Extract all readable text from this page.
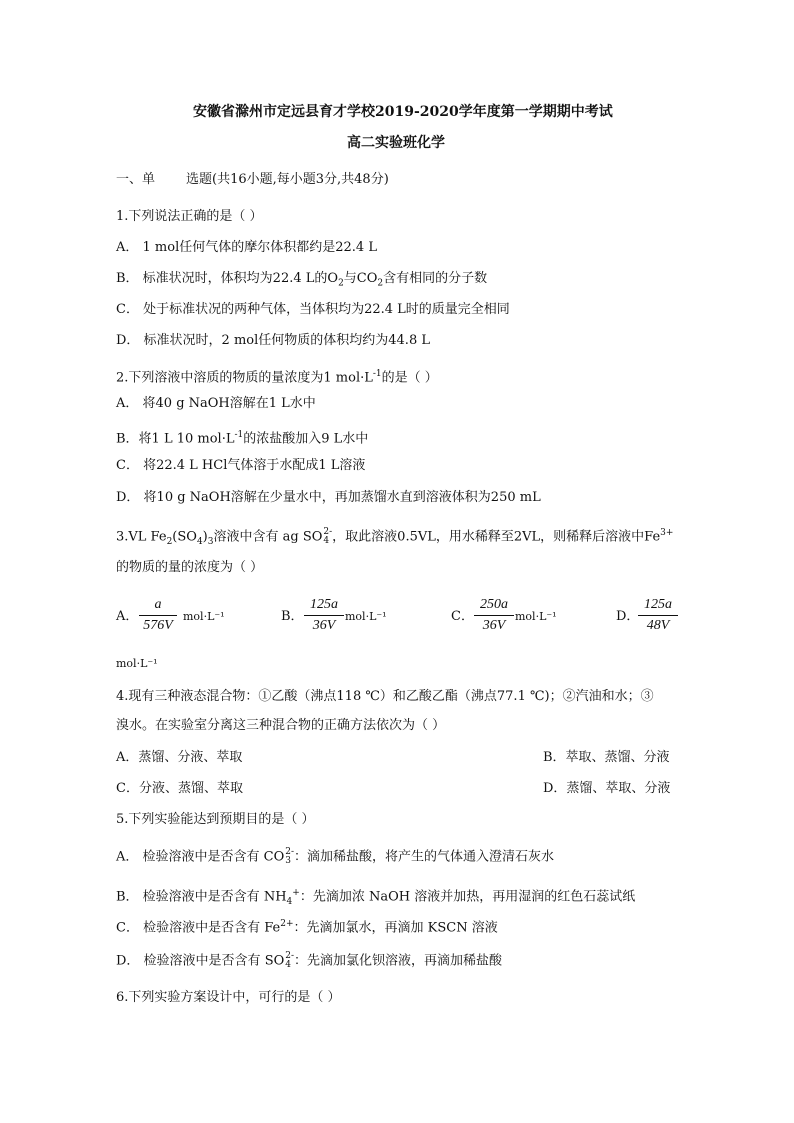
安徽省滁州市定远县育才学校2019-2020学年度第一学期期中考试
高二实验班化学
一、单 选题(共16小题,每小题3分,共48分)
1.下列说法正确的是（ ）
A． 1 mol任何气体的摩尔体积都约是22.4 L
B． 标准状况时，体积均为22.4 L的$O_2$与$CO_2$含有相同的分子数
C． 处于标准状况的两种气体，当体积均为22.4 L时的质量完全相同
D． 标准状况时，2 mol任何物质的体积均约为44.8 L
2.下列溶液中溶质的物质的量浓度为1 $mol\cdot L^{-1}$的是（ ）
A． 将40 g NaOH溶解在1 L水中
B．将1 L 10 $mol\cdot L^{-1}$的浓盐酸加入9 L水中
C． 将22.4 L HCl气体溶于水配成1 L溶液
D． 将10 g NaOH溶解在少量水中，再加蒸馏水直到溶液体积为250 mL
3.VL $Fe_2(SO_4)_3$溶液中含有 ag SO 2-
4 ，取此溶液0.5VL，用水稀释至2VL，则稀释后溶液中$Fe^{3+}$
的物质的量的浓度为（ ）
A．
a
576V
mol·L⁻¹	B．
125a
36V
mol·L⁻¹	C．
250a
36V
mol·L⁻¹	D．
125a
48V
mol·L⁻¹
4.现有三种液态混合物：①乙酸（沸点118 ℃）和乙酸乙酯（沸点77.1 ℃)；②汽油和水；③
溴水。在实验室分离这三种混合物的正确方法依次为（ ）
A．蒸馏、分液、萃取	B．萃取、蒸馏、分液
C．分液、蒸馏、萃取	D．蒸馏、萃取、分液
5.下列实验能达到预期目的是（ ）
A． 检验溶液中是否含有 CO 2-
3 ：滴加稀盐酸，将产生的气体通入澄清石灰水
B． 检验溶液中是否含有 $NH_4^+$：先滴加浓 NaOH 溶液并加热，再用湿润的红色石蕊试纸
C． 检验溶液中是否含有 $Fe^{2+}$：先滴加氯水，再滴加 KSCN 溶液
D． 检验溶液中是否含有 SO 2-
4 ：先滴加氯化钡溶液，再滴加稀盐酸
6.下列实验方案设计中，可行的是（ ）
